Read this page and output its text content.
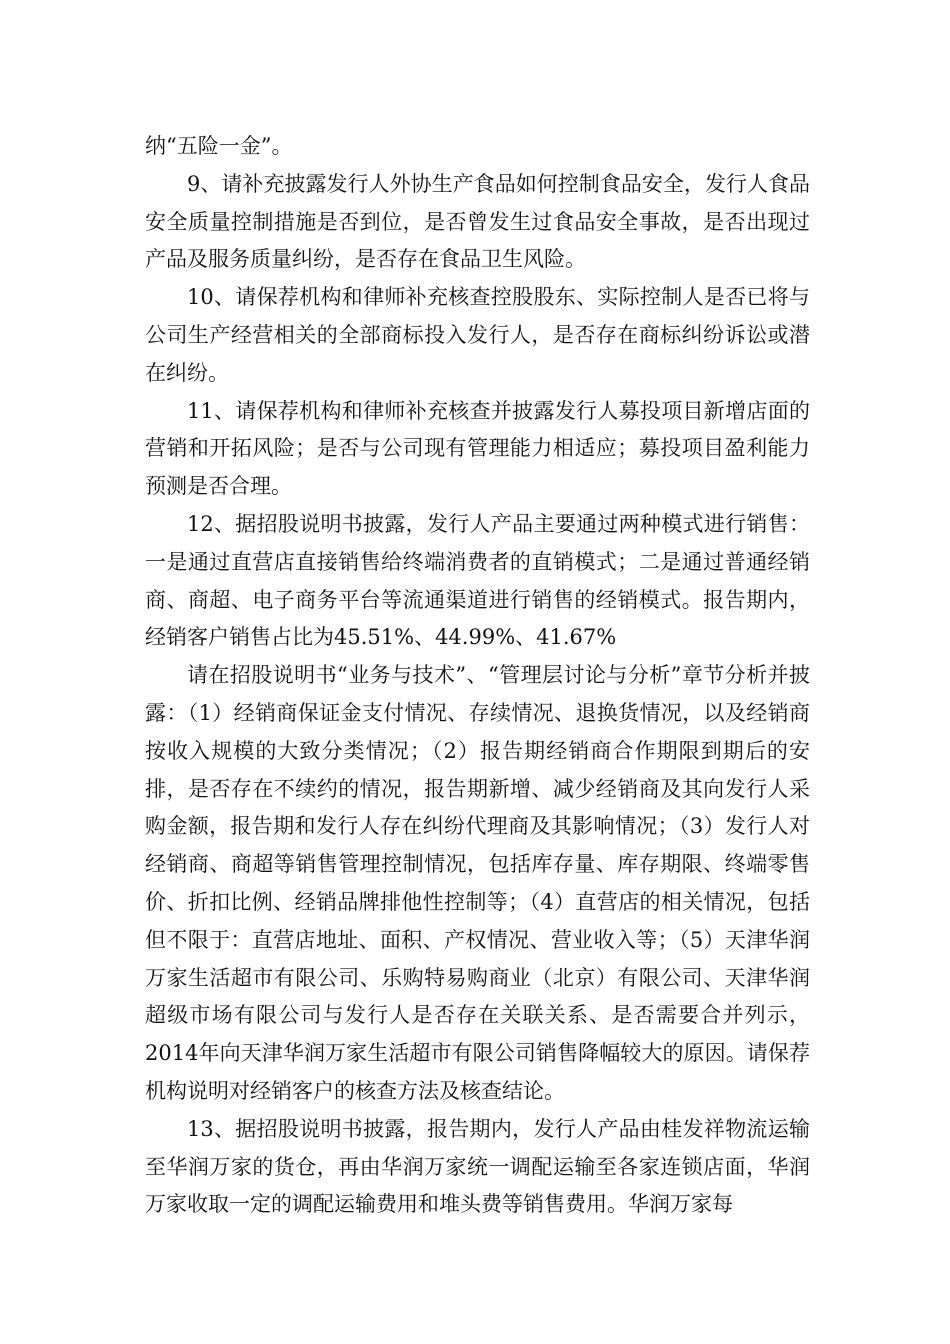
纳“五险一金”。

9、请补充披露发行人外协生产食品如何控制食品安全，发行人食品安全质量控制措施是否到位，是否曾发生过食品安全事故，是否出现过产品及服务质量纠纷，是否存在食品卫生风险。

10、请保荐机构和律师补充核查控股股东、实际控制人是否已将与公司生产经营相关的全部商标投入发行人，是否存在商标纠纷诉讼或潜在纠纷。

11、请保荐机构和律师补充核查并披露发行人募投项目新增店面的营销和开拓风险；是否与公司现有管理能力相适应；募投项目盈利能力预测是否合理。

12、据招股说明书披露，发行人产品主要通过两种模式进行销售：一是通过直营店直接销售给终端消费者的直销模式；二是通过普通经销商、商超、电子商务平台等流通渠道进行销售的经销模式。报告期内，经销客户销售占比为45.51%、44.99%、41.67%

请在招股说明书“业务与技术”、“管理层讨论与分析”章节分析并披露：（1）经销商保证金支付情况、存续情况、退换货情况，以及经销商按收入规模的大致分类情况；（2）报告期经销商合作期限到期后的安排，是否存在不续约的情况，报告期新增、减少经销商及其向发行人采购金额，报告期和发行人存在纠纷代理商及其影响情况；（3）发行人对经销商、商超等销售管理控制情况，包括库存量、库存期限、终端零售价、折扣比例、经销品牌排他性控制等；（4）直营店的相关情况，包括但不限于：直营店地址、面积、产权情况、营业收入等；（5）天津华润万家生活超市有限公司、乐购特易购商业（北京）有限公司、天津华润超级市场有限公司与发行人是否存在关联关系、是否需要合并列示，2014年向天津华润万家生活超市有限公司销售降幅较大的原因。请保荐机构说明对经销客户的核查方法及核查结论。

13、据招股说明书披露，报告期内，发行人产品由桂发祥物流运输至华润万家的货仓，再由华润万家统一调配运输至各家连锁店面，华润万家收取一定的调配运输费用和堆头费等销售费用。华润万家每
